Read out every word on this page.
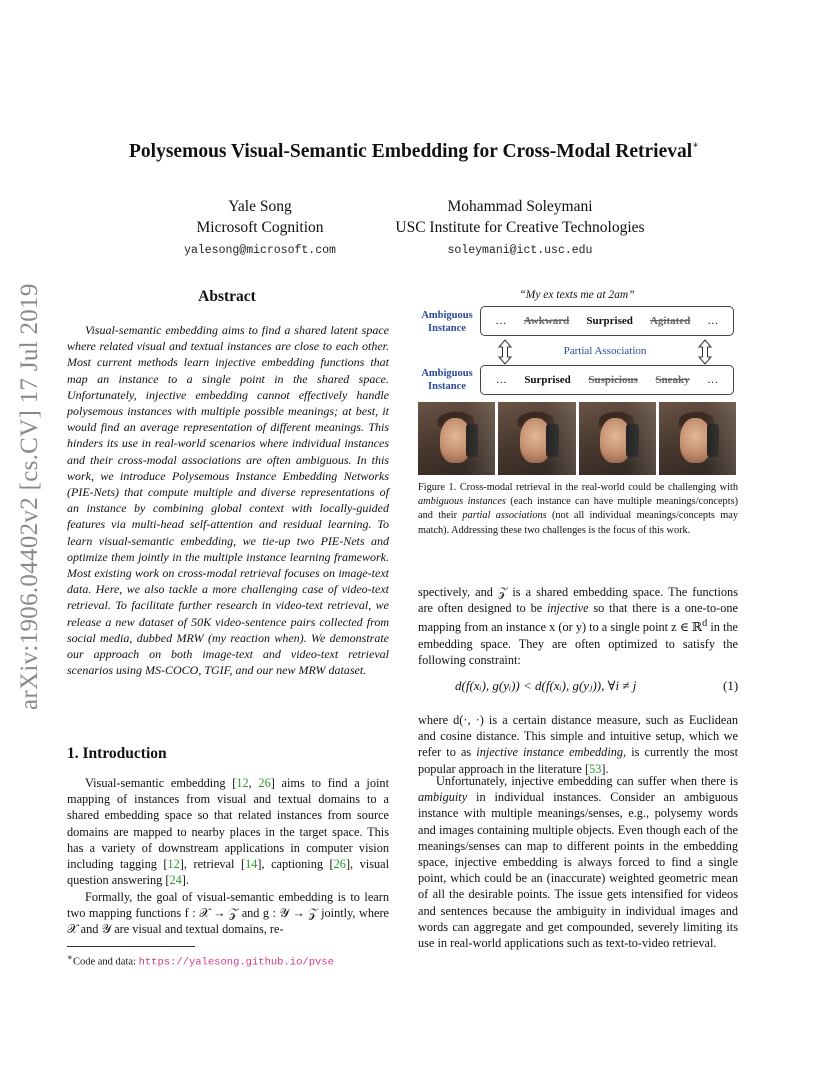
arXiv:1906.04402v2 [cs.CV] 17 Jul 2019
Polysemous Visual-Semantic Embedding for Cross-Modal Retrieval∗
Yale Song
Microsoft Cognition
yalesong@microsoft.com
Mohammad Soleymani
USC Institute for Creative Technologies
soleymani@ict.usc.edu
Abstract
Visual-semantic embedding aims to find a shared latent space where related visual and textual instances are close to each other. Most current methods learn injective embedding functions that map an instance to a single point in the shared space. Unfortunately, injective embedding cannot effectively handle polysemous instances with multiple possible meanings; at best, it would find an average representation of different meanings. This hinders its use in real-world scenarios where individual instances and their cross-modal associations are often ambiguous. In this work, we introduce Polysemous Instance Embedding Networks (PIE-Nets) that compute multiple and diverse representations of an instance by combining global context with locally-guided features via multi-head self-attention and residual learning. To learn visual-semantic embedding, we tie-up two PIE-Nets and optimize them jointly in the multiple instance learning framework. Most existing work on cross-modal retrieval focuses on image-text data. Here, we also tackle a more challenging case of video-text retrieval. To facilitate further research in video-text retrieval, we release a new dataset of 50K video-sentence pairs collected from social media, dubbed MRW (my reaction when). We demonstrate our approach on both image-text and video-text retrieval scenarios using MS-COCO, TGIF, and our new MRW dataset.
1. Introduction
Visual-semantic embedding [12, 26] aims to find a joint mapping of instances from visual and textual domains to a shared embedding space so that related instances from source domains are mapped to nearby places in the target space. This has a variety of downstream applications in computer vision including tagging [12], retrieval [14], captioning [26], visual question answering [24].
Formally, the goal of visual-semantic embedding is to learn two mapping functions f : 𝒳 → 𝒵 and g : 𝒴 → 𝒵 jointly, where 𝒳 and 𝒴 are visual and textual domains, re-
∗Code and data: https://yalesong.github.io/pvse
“My ex texts me at 2am”
Ambiguous
Instance
… Awkward Surprised Agitated …
Partial Association
Ambiguous
Instance
… Surprised Suspicious Sneaky …
Figure 1. Cross-modal retrieval in the real-world could be challenging with ambiguous instances (each instance can have multiple meanings/concepts) and their partial associations (not all individual meanings/concepts may match). Addressing these two challenges is the focus of this work.
spectively, and 𝒵 is a shared embedding space. The functions are often designed to be injective so that there is a one-to-one mapping from an instance x (or y) to a single point z ∈ ℝ$^d$ in the embedding space. They are often optimized to satisfy the following constraint:
d(f(xᵢ), g(yᵢ)) < d(f(xᵢ), g(yⱼ)), ∀i ≠ j	(1)
where d(·, ·) is a certain distance measure, such as Euclidean and cosine distance. This simple and intuitive setup, which we refer to as injective instance embedding, is currently the most popular approach in the literature [53].
Unfortunately, injective embedding can suffer when there is ambiguity in individual instances. Consider an ambiguous instance with multiple meanings/senses, e.g., polysemy words and images containing multiple objects. Even though each of the meanings/senses can map to different points in the embedding space, injective embedding is always forced to find a single point, which could be an (inaccurate) weighted geometric mean of all the desirable points. The issue gets intensified for videos and sentences because the ambiguity in individual images and words can aggregate and get compounded, severely limiting its use in real-world applications such as text-to-video retrieval.
